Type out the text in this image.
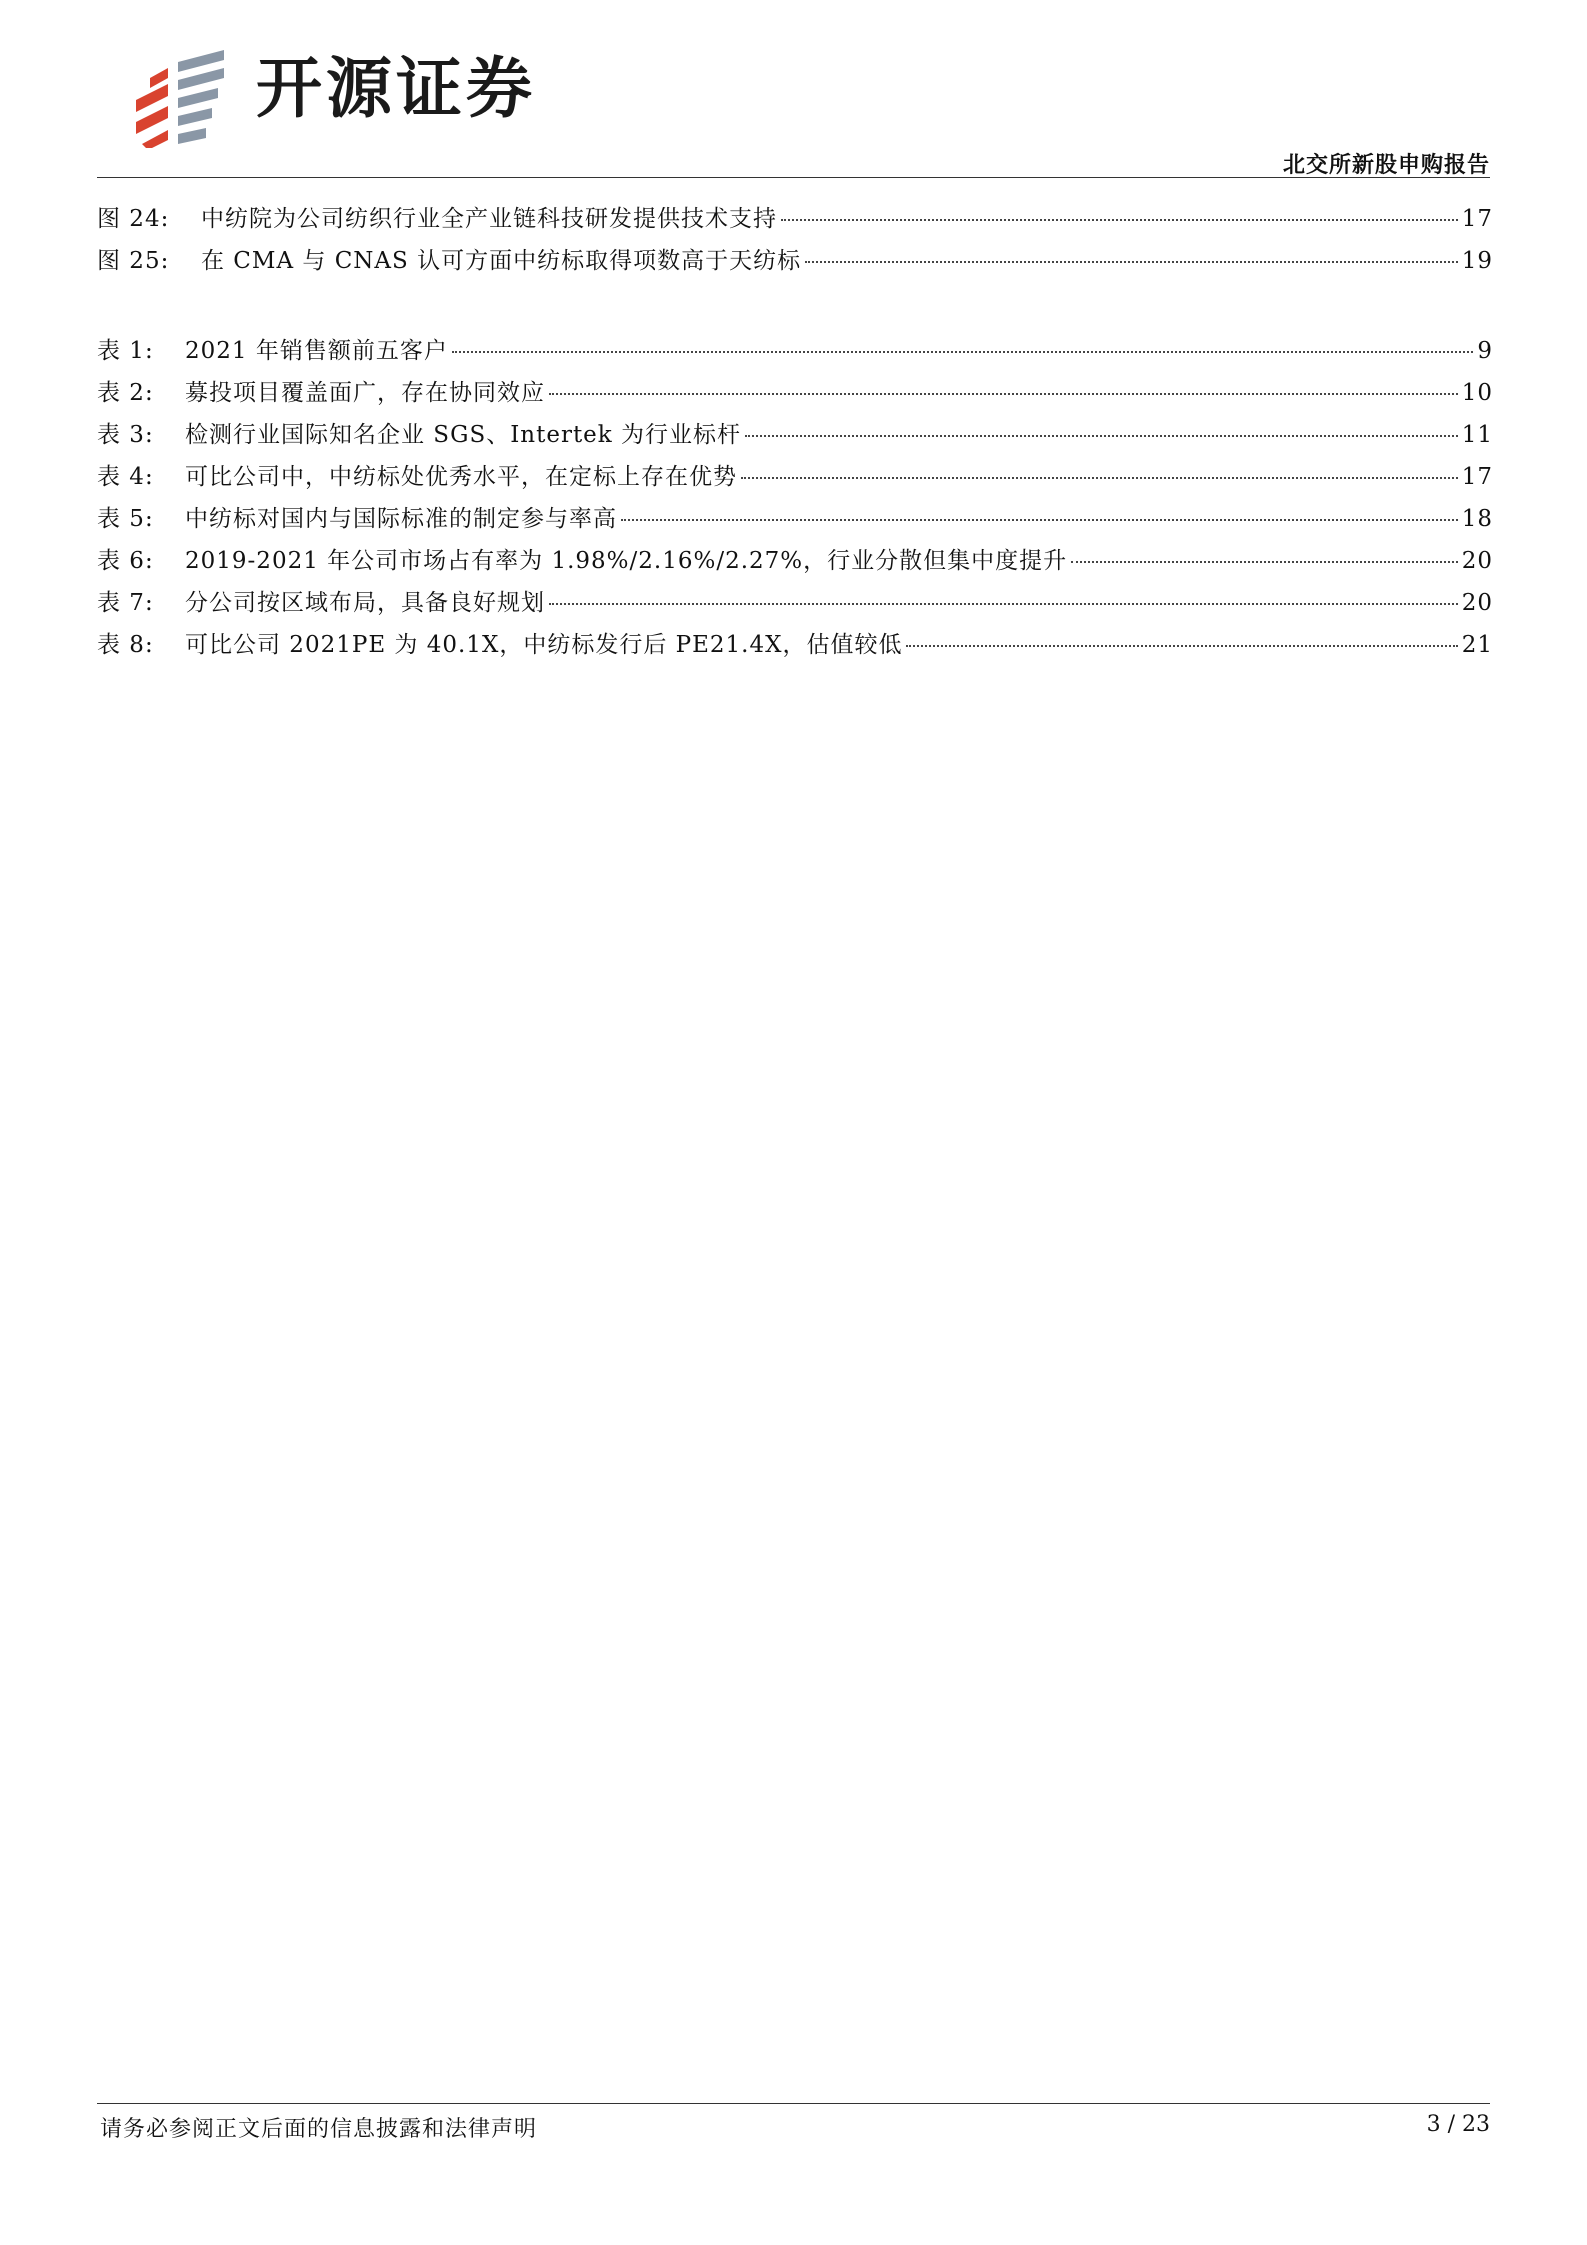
开源证券
北交所新股申购报告
图 24:	中纺院为公司纺织行业全产业链科技研发提供技术支持	17
图 25:	在 CMA 与 CNAS 认可方面中纺标取得项数高于天纺标	19
表 1:	2021 年销售额前五客户	9
表 2:	募投项目覆盖面广，存在协同效应	10
表 3:	检测行业国际知名企业 SGS、Intertek 为行业标杆	11
表 4:	可比公司中，中纺标处优秀水平，在定标上存在优势	17
表 5:	中纺标对国内与国际标准的制定参与率高	18
表 6:	2019-2021 年公司市场占有率为 1.98%/2.16%/2.27%，行业分散但集中度提升	20
表 7:	分公司按区域布局，具备良好规划	20
表 8:	可比公司 2021PE 为 40.1X，中纺标发行后 PE21.4X，估值较低	21
请务必参阅正文后面的信息披露和法律声明	3 / 23
